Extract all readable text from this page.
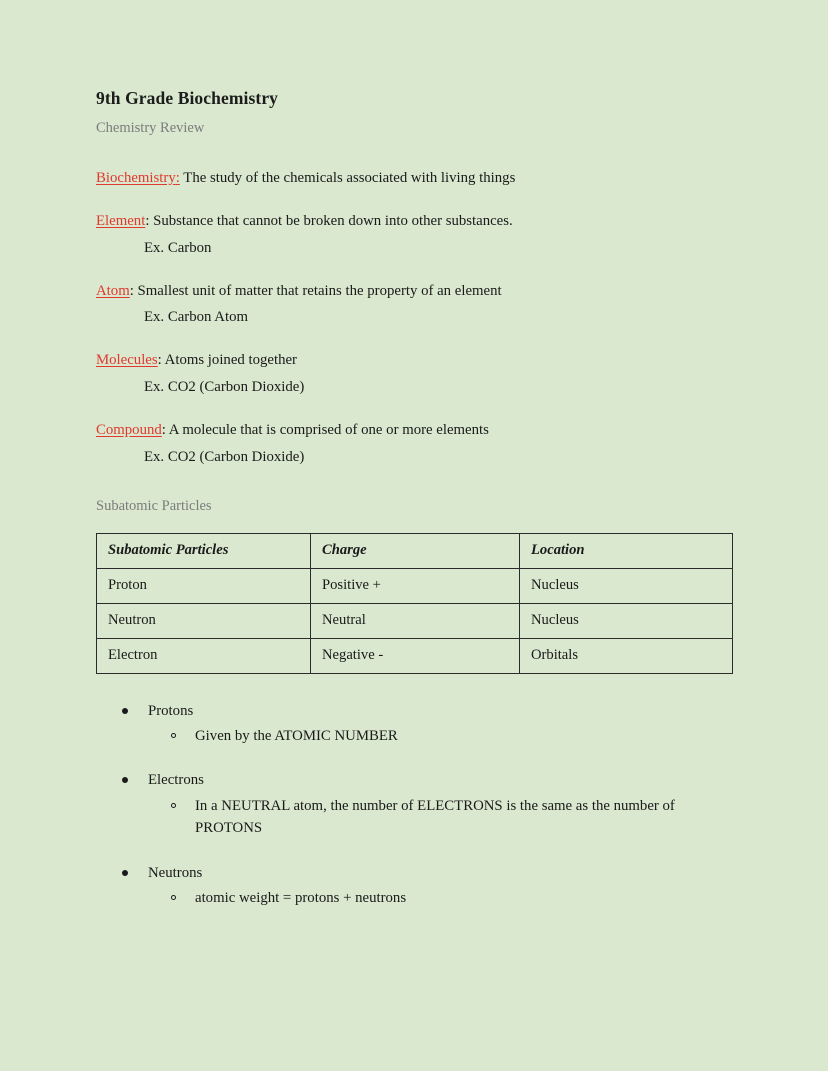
9th Grade Biochemistry
Chemistry Review

Biochemistry: The study of the chemicals associated with living things

Element: Substance that cannot be broken down into other substances.

Ex. Carbon

Atom: Smallest unit of matter that retains the property of an element

Ex. Carbon Atom

Molecules: Atoms joined together

Ex. CO2 (Carbon Dioxide)

Compound: A molecule that is comprised of one or more elements

Ex. CO2 (Carbon Dioxide)

Subatomic Particles
Subatomic Particles	Charge	Location
Proton	Positive +	Nucleus
Neutron	Neutral	Nucleus
Electron	Negative -	Orbitals
Protons
Given by the ATOMIC NUMBER
Electrons
In a NEUTRAL atom, the number of ELECTRONS is the same as the number of PROTONS
Neutrons
atomic weight = protons + neutrons
